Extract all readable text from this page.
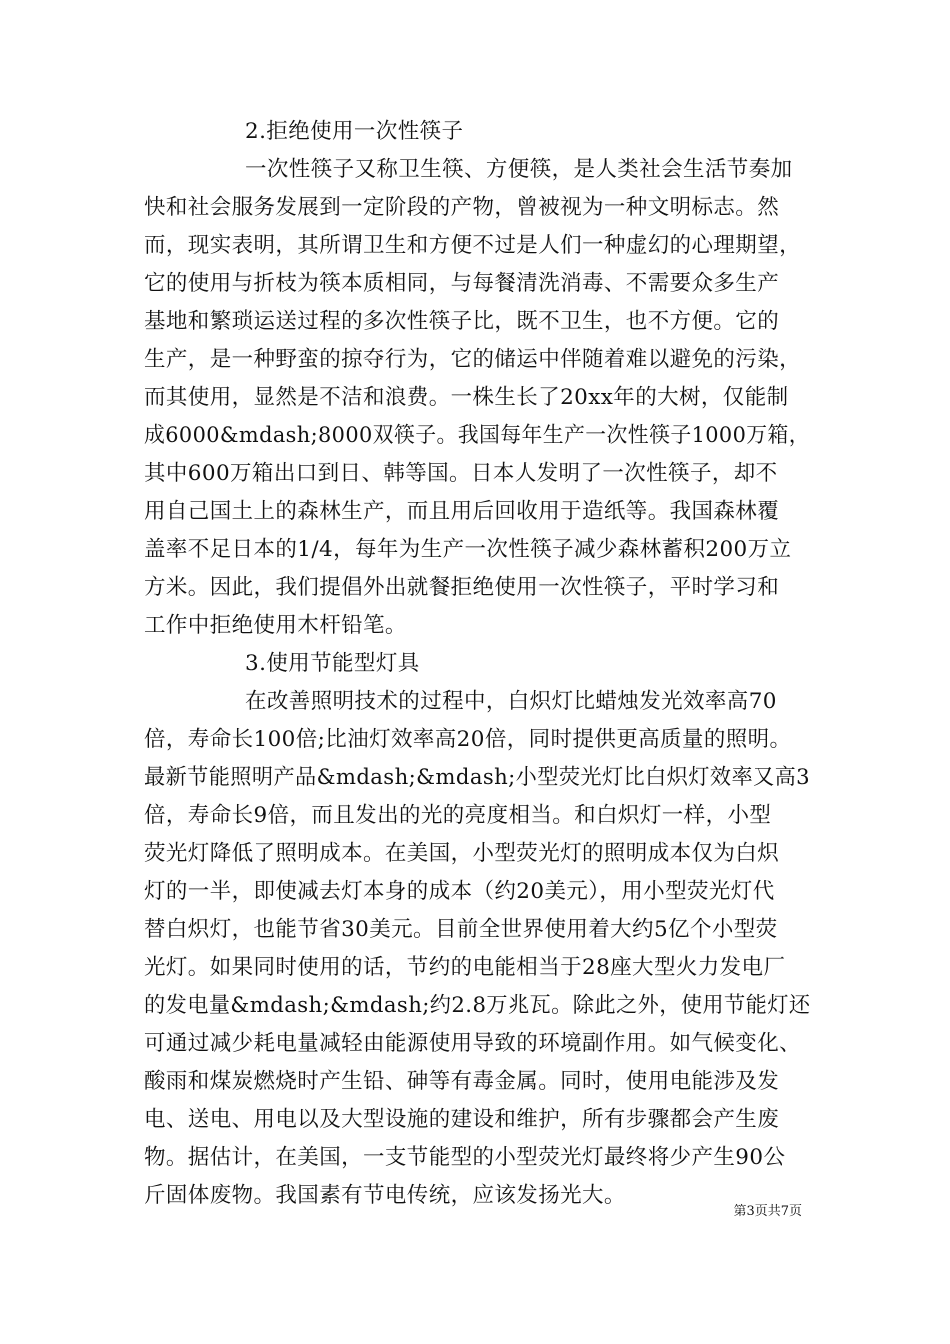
2.拒绝使用一次性筷子
一次性筷子又称卫生筷、方便筷，是人类社会生活节奏加
快和社会服务发展到一定阶段的产物，曾被视为一种文明标志。然
而，现实表明，其所谓卫生和方便不过是人们一种虚幻的心理期望，
它的使用与折枝为筷本质相同，与每餐清洗消毒、不需要众多生产
基地和繁琐运送过程的多次性筷子比，既不卫生，也不方便。它的
生产，是一种野蛮的掠夺行为，它的储运中伴随着难以避免的污染，
而其使用，显然是不洁和浪费。一株生长了20xx年的大树，仅能制
成6000&mdash;8000双筷子。我国每年生产一次性筷子1000万箱，
其中600万箱出口到日、韩等国。日本人发明了一次性筷子，却不
用自己国土上的森林生产，而且用后回收用于造纸等。我国森林覆
盖率不足日本的1/4，每年为生产一次性筷子减少森林蓄积200万立
方米。因此，我们提倡外出就餐拒绝使用一次性筷子，平时学习和
工作中拒绝使用木杆铅笔。
3.使用节能型灯具
在改善照明技术的过程中，白炽灯比蜡烛发光效率高70
倍，寿命长100倍;比油灯效率高20倍，同时提供更高质量的照明。
最新节能照明产品&mdash;&mdash;小型荧光灯比白炽灯效率又高3
倍，寿命长9倍，而且发出的光的亮度相当。和白炽灯一样，小型
荧光灯降低了照明成本。在美国，小型荧光灯的照明成本仅为白炽
灯的一半，即使减去灯本身的成本（约20美元），用小型荧光灯代
替白炽灯，也能节省30美元。目前全世界使用着大约5亿个小型荧
光灯。如果同时使用的话，节约的电能相当于28座大型火力发电厂
的发电量&mdash;&mdash;约2.8万兆瓦。除此之外，使用节能灯还
可通过减少耗电量减轻由能源使用导致的环境副作用。如气候变化、
酸雨和煤炭燃烧时产生铅、砷等有毒金属。同时，使用电能涉及发
电、送电、用电以及大型设施的建设和维护，所有步骤都会产生废
物。据估计，在美国，一支节能型的小型荧光灯最终将少产生90公
斤固体废物。我国素有节电传统，应该发扬光大。
第3页共7页
